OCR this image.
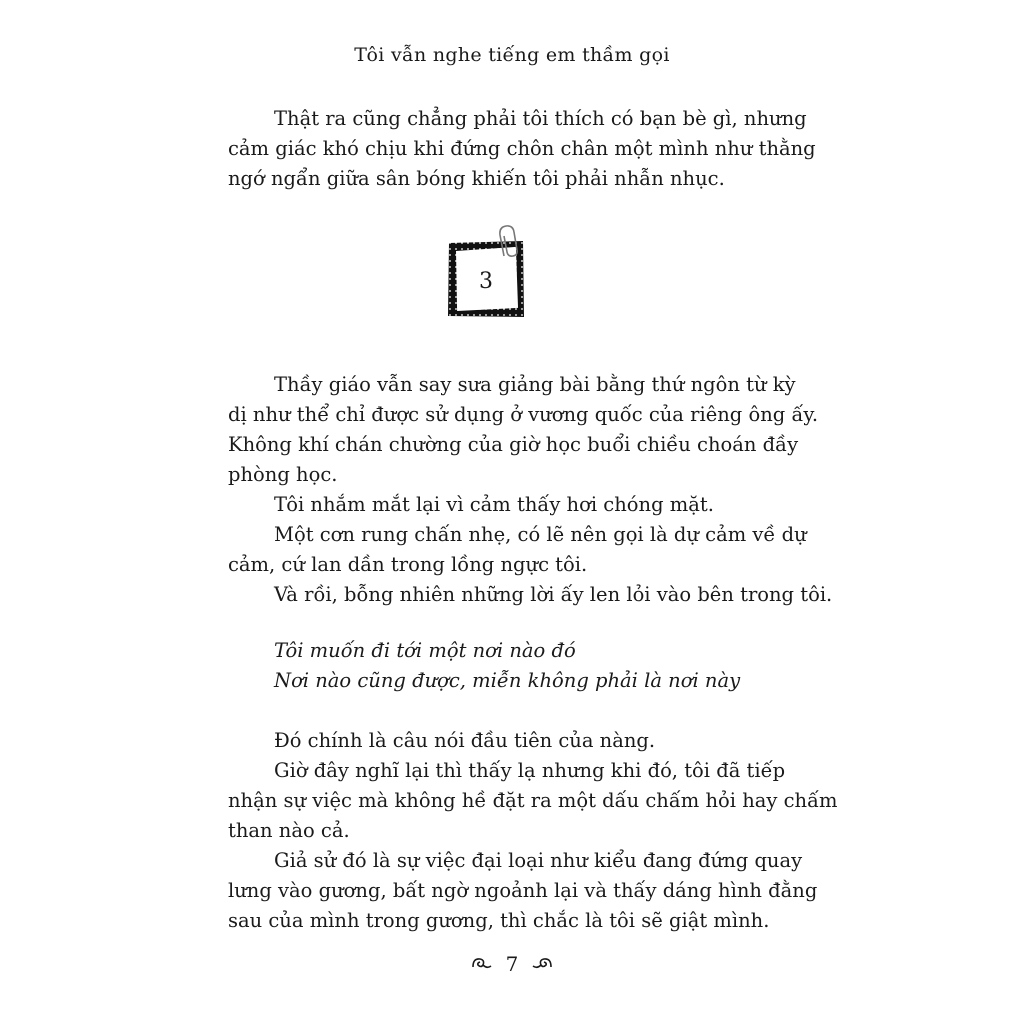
Tôi vẫn nghe tiếng em thầm gọi

Thật ra cũng chẳng phải tôi thích có bạn bè gì, nhưng
cảm giác khó chịu khi đứng chôn chân một mình như thằng
ngớ ngẩn giữa sân bóng khiến tôi phải nhẫn nhục.

3

Thầy giáo vẫn say sưa giảng bài bằng thứ ngôn từ kỳ
dị như thể chỉ được sử dụng ở vương quốc của riêng ông ấy.
Không khí chán chường của giờ học buổi chiều choán đầy
phòng học.

Tôi nhắm mắt lại vì cảm thấy hơi chóng mặt.

Một cơn rung chấn nhẹ, có lẽ nên gọi là dự cảm về dự
cảm, cứ lan dần trong lồng ngực tôi.

Và rồi, bỗng nhiên những lời ấy len lỏi vào bên trong tôi.

Tôi muốn đi tới một nơi nào đó
Nơi nào cũng được, miễn không phải là nơi này

Đó chính là câu nói đầu tiên của nàng.

Giờ đây nghĩ lại thì thấy lạ nhưng khi đó, tôi đã tiếp
nhận sự việc mà không hề đặt ra một dấu chấm hỏi hay chấm
than nào cả.

Giả sử đó là sự việc đại loại như kiểu đang đứng quay
lưng vào gương, bất ngờ ngoảnh lại và thấy dáng hình đằng
sau của mình trong gương, thì chắc là tôi sẽ giật mình.

7
